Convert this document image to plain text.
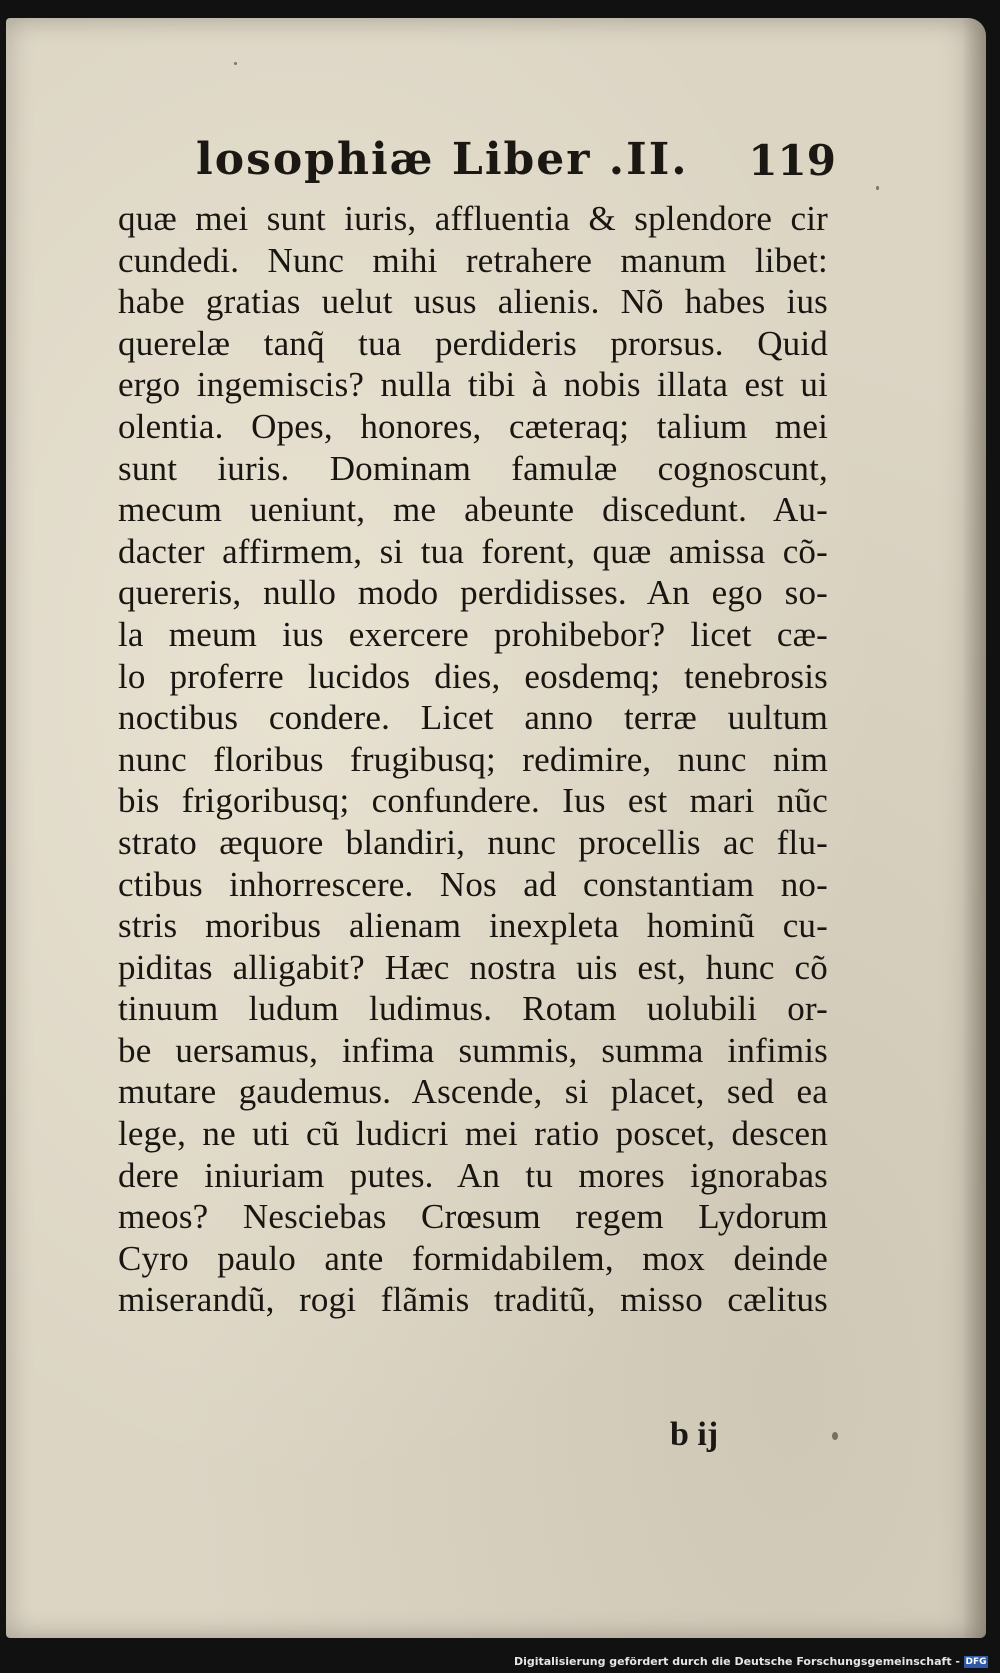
losophiæ Liber .II. 119
quæ mei sunt iuris, affluentia & splendore cir
cundedi. Nunc mihi retrahere manum libet:
habe gratias uelut usus alienis. Nõ habes ius
querelæ tanq̃ tua perdideris prorsus. Quid
ergo ingemiscis? nulla tibi à nobis illata est ui
olentia. Opes, honores, cæteraq; talium mei
sunt iuris. Dominam famulæ cognoscunt,
mecum ueniunt, me abeunte discedunt. Au-
dacter affirmem, si tua forent, quæ amissa cõ-
quereris, nullo modo perdidisses. An ego so-
la meum ius exercere prohibebor? licet cæ-
lo proferre lucidos dies, eosdemq; tenebrosis
noctibus condere. Licet anno terræ uultum
nunc floribus frugibusq; redimire, nunc nim
bis frigoribusq; confundere. Ius est mari nũc
strato æquore blandiri, nunc procellis ac flu-
ctibus inhorrescere. Nos ad constantiam no-
stris moribus alienam inexpleta hominũ cu-
piditas alligabit? Hæc nostra uis est, hunc cõ
tinuum ludum ludimus. Rotam uolubili or-
be uersamus, infima summis, summa infimis
mutare gaudemus. Ascende, si placet, sed ea
lege, ne uti cũ ludicri mei ratio poscet, descen
dere iniuriam putes. An tu mores ignorabas
meos? Nesciebas Crœsum regem Lydorum
Cyro paulo ante formidabilem, mox deinde
miserandũ, rogi flãmis traditũ, misso cælitus
b ij
Digitalisierung gefördert durch die Deutsche Forschungsgemeinschaft - DFG
